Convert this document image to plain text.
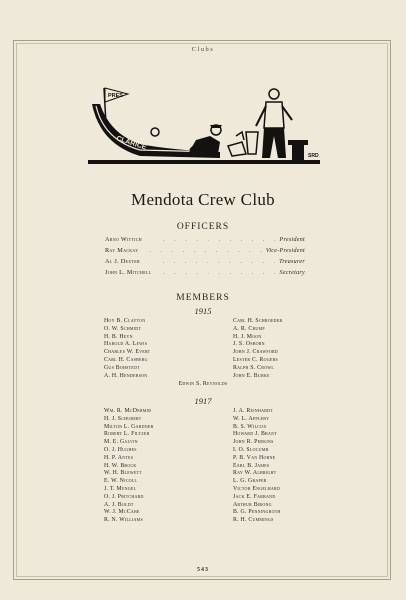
Clubs
PRES
CLARICE
SRD
Mendota Crew Club
OFFICERS
Arno Wittich	. . . . . . . . . . . President
Ray Mackay	. . . . . . . . . . . Vice-President
Al J. Dexter	. . . . . . . . . . . Treasurer
John L. Mitchell	. . . . . . . . . . . Secretary
MEMBERS
1915
Hoy B. Clayton
O. W. Schmidt
H. B. Heyn
Harold A. Lewis
Charles W. Evert
Carl H. Casberg
Gus Bohstedt
A. H. Henderson
Carl H. Schroeder
A. R. Crump
H. J. Moon
J. S. Osborn
John J. Crawford
Lester C. Rogers
Ralph S. Crowl
John E. Burke
Edwin S. Reynolds
1917
Wm. R. McDermid
H. J. Schubert
Milton L. Gardner
Robert L. Filtzer
M. E. Galvin
O. J. Hughes
H. P. Antes
H. W. Brock
W. H. Blewett
E. W. Nicoll
J. T. Mengel
O. J. Pritchard
A. J. Boldt
W. J. McCabe
R. N. Williams
J. A. Reinhardt
W. L. Appleby
B. S. Wilcox
Howard J. Brant
John R. Perkins
I. O. Slocumb
P. B. Van Horne
Earl B. James
Ray W. Albright
L. G. Graper
Victor Engelhard
Jack E. Farrand
Arthur Birong
B. G. Penningroth
R. H. Cummings
543
